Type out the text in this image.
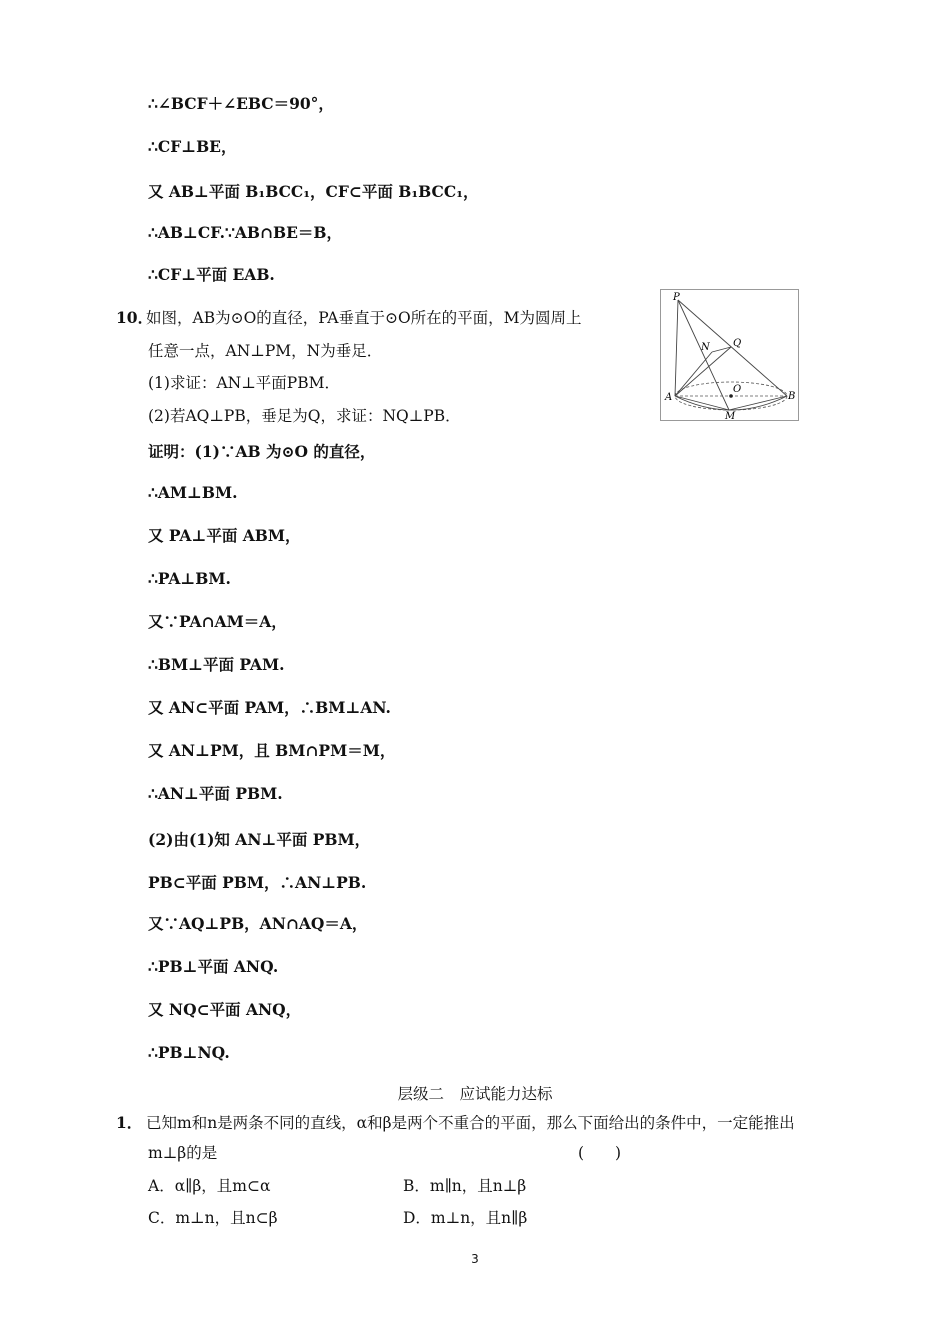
∴∠BCF＋∠EBC＝90°，
∴CF⊥BE，
又 AB⊥平面 B₁BCC₁，CF⊂平面 B₁BCC₁，
∴AB⊥CF.∵AB∩BE＝B，
∴CF⊥平面 EAB.
10．
如图，AB为⊙O的直径，PA垂直于⊙O所在的平面，M为圆周上
任意一点，AN⊥PM，N为垂足．
(1)求证：AN⊥平面PBM．
(2)若AQ⊥PB，垂足为Q，求证：NQ⊥PB．
P
N Q
A
O
B
M
证明：(1)∵AB 为⊙O 的直径，
∴AM⊥BM.
又 PA⊥平面 ABM，
∴PA⊥BM.
又∵PA∩AM＝A，
∴BM⊥平面 PAM.
又 AN⊂平面 PAM，∴BM⊥AN.
又 AN⊥PM，且 BM∩PM＝M，
∴AN⊥平面 PBM.
(2)由(1)知 AN⊥平面 PBM，
PB⊂平面 PBM，∴AN⊥PB.
又∵AQ⊥PB，AN∩AQ＝A，
∴PB⊥平面 ANQ.
又 NQ⊂平面 ANQ，
∴PB⊥NQ.
层级二　应试能力达标
1． 已知m和n是两条不同的直线，α和β是两个不重合的平面，那么下面给出的条件中，一定能推出
m⊥β的是	(　　)
A．α∥β，且m⊂α	B．m∥n，且n⊥β
C．m⊥n，且n⊂β	D．m⊥n，且n∥β
3
